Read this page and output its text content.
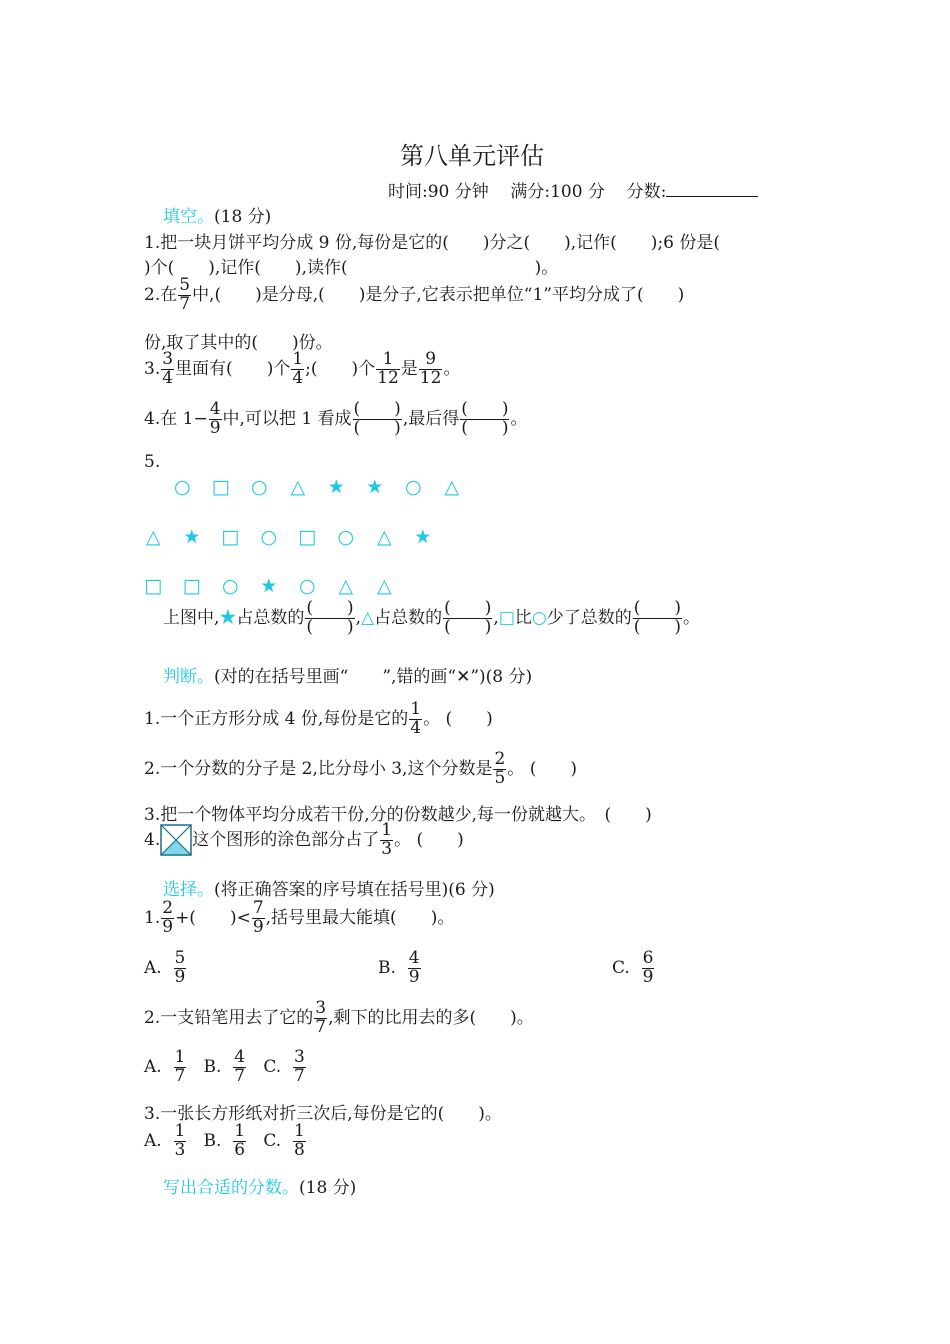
第八单元评估
时间:90 分钟 满分:100 分 分数:
填空。(18 分)
1.把一块月饼平均分成 9 份,每份是它的(　　)分之(　　),记作(　　);6 份是(
)个(　　),记作(　　),读作(　　　　　　　　　　　)。
2.在 $\frac{5}{7}$ 中,(　　)是分母,(　　)是分子,它表示把单位“1”平均分成了(　　)
份,取了其中的(　　)份。
3. $\frac{3}{4}$ 里面有(　　)个 $\frac{1}{4}$ ;(　　)个 $\frac{1}{12}$ 是 $\frac{9}{12}$ 。
4.在 $1- \frac{4}{9}$ 中,可以把 1 看成 $\frac{( )}{( )}$ ,最后得 $\frac{( )}{( )}$ 。
5.
○ □ ○ △ ★ ★ ○ △
△ ★ □ ○ □ ○ △ ★
□ □ ○ ★ ○ △ △
上图中,★占总数的 $\frac{( )}{( )}$ ,△占总数的 $\frac{( )}{( )}$ ,□比○少了总数的 $\frac{( )}{( )}$ 。
判断。(对的在括号里画“　　”,错的画“✕”)(8 分)
1.一个正方形分成 4 份,每份是它的 $\frac{1}{4}$ 。 (　　)
2.一个分数的分子是 2,比分母小 3,这个分数是 $\frac{2}{5}$ 。 (　　)
3.把一个物体平均分成若干份,分的份数越少,每一份就越大。　(　　)
4. 这个图形的涂色部分占了 $\frac{1}{3}$ 。 (　　)
选择。(将正确答案的序号填在括号里)(6 分)
1. $\frac{2}{9}$ +(　　)< $\frac{7}{9}$ ,括号里最大能填(　　)。
A. $\frac{5}{9}$	B. $\frac{4}{9}$	C. $\frac{6}{9}$
2.一支铅笔用去了它的 $\frac{3}{7}$ ,剩下的比用去的多(　　)。
A. $\frac{1}{7} B$. $\frac{4}{7} C$. $\frac{3}{7}$
3.一张长方形纸对折三次后,每份是它的(　　)。
A. $\frac{1}{3} B$. $\frac{1}{6} C$. $\frac{1}{8}$
写出合适的分数。(18 分)
